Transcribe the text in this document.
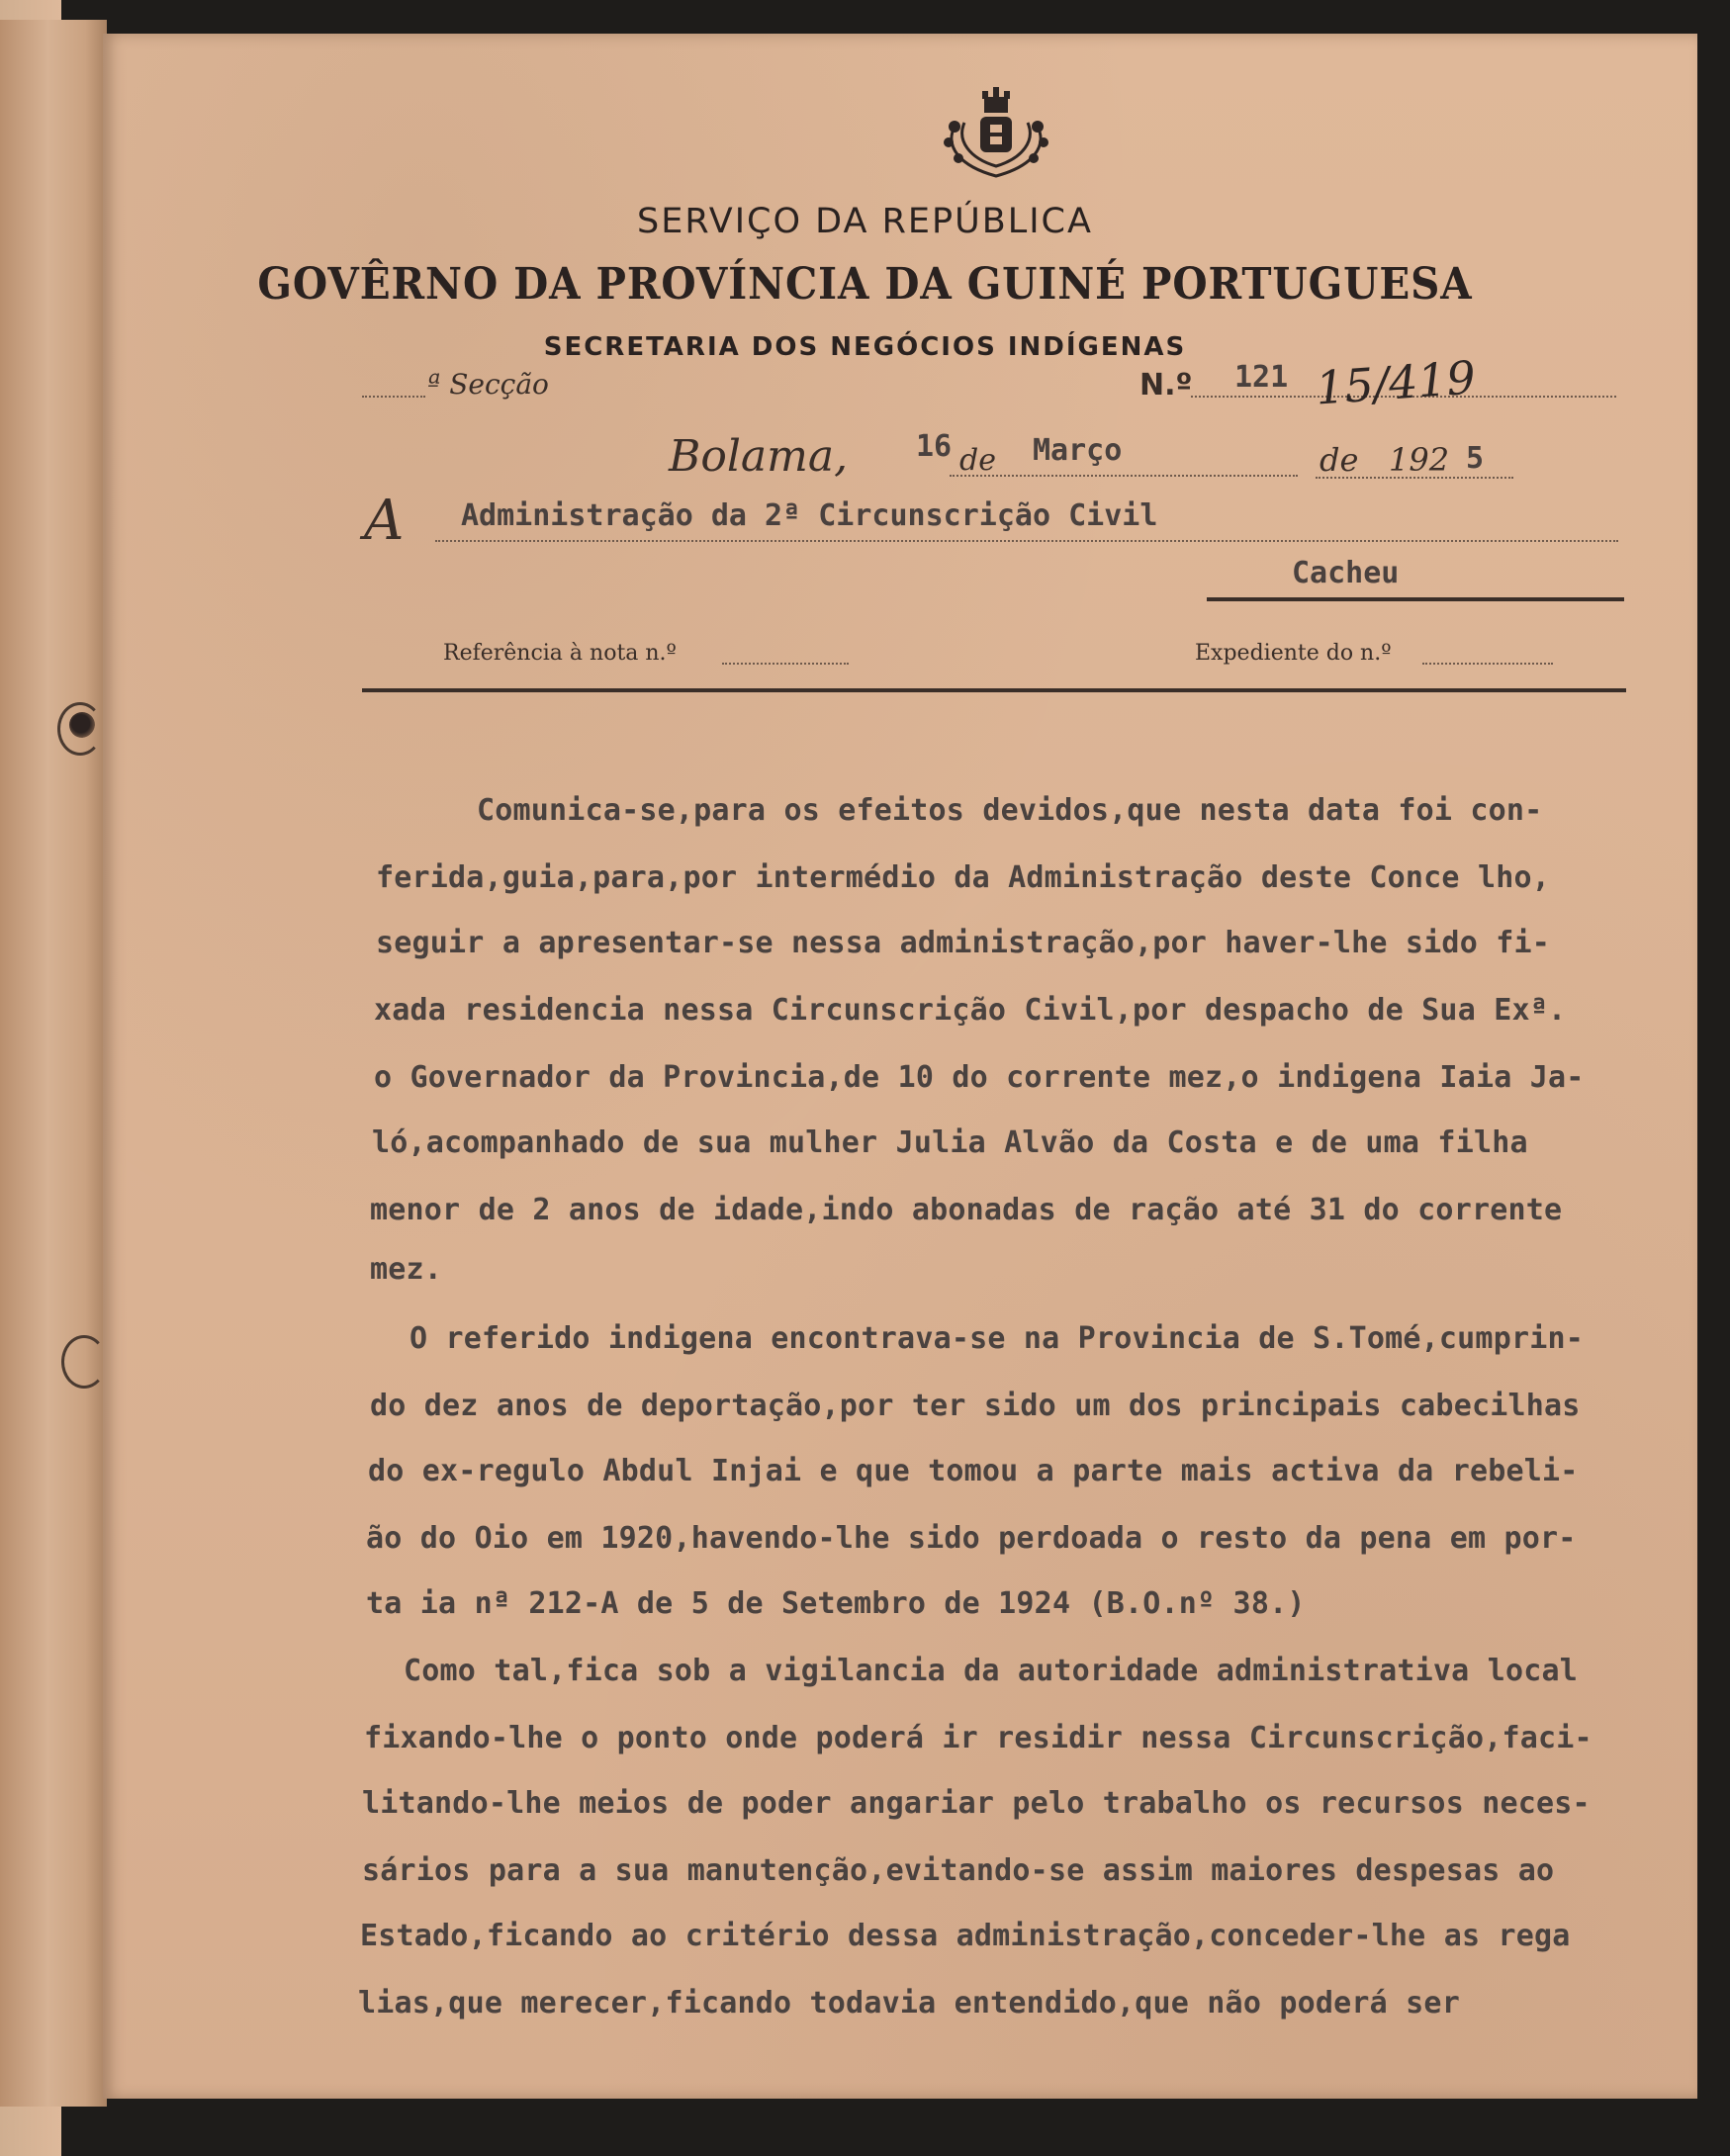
SERVIÇO DA REPÚBLICA
GOVÊRNO DA PROVÍNCIA DA GUINÉ PORTUGUESA
SECRETARIA DOS NEGÓCIOS INDÍGENAS
ª Secção	N.º 121 15/419
Bolama, 16 de Março	de 192 5
A Administração da 2ª Circunscrição Civil
Cacheu
Referência à nota n.º	Expediente do n.º
Comunica-se,para os efeitos devidos,que nesta data foi con-
ferida,guia,para,por intermédio da Administração deste Conce lho,
seguir a apresentar-se nessa administração,por haver-lhe sido fi-
xada residencia nessa Circunscrição Civil,por despacho de Sua Exª.
o Governador da Provincia,de 10 do corrente mez,o indigena Iaia Ja-
ló,acompanhado de sua mulher Julia Alvão da Costa e de uma filha
menor de 2 anos de idade,indo abonadas de ração até 31 do corrente
mez.
O referido indigena encontrava-se na Provincia de S.Tomé,cumprin-
do dez anos de deportação,por ter sido um dos principais cabecilhas
do ex-regulo Abdul Injai e que tomou a parte mais activa da rebeli-
ão do Oio em 1920,havendo-lhe sido perdoada o resto da pena em por-
ta ia nª 212-A de 5 de Setembro de 1924 (B.O.nº 38.)
Como tal,fica sob a vigilancia da autoridade administrativa local
fixando-lhe o ponto onde poderá ir residir nessa Circunscrição,faci-
litando-lhe meios de poder angariar pelo trabalho os recursos neces-
sários para a sua manutenção,evitando-se assim maiores despesas ao
Estado,ficando ao critério dessa administração,conceder-lhe as rega
lias,que merecer,ficando todavia entendido,que não poderá ser
